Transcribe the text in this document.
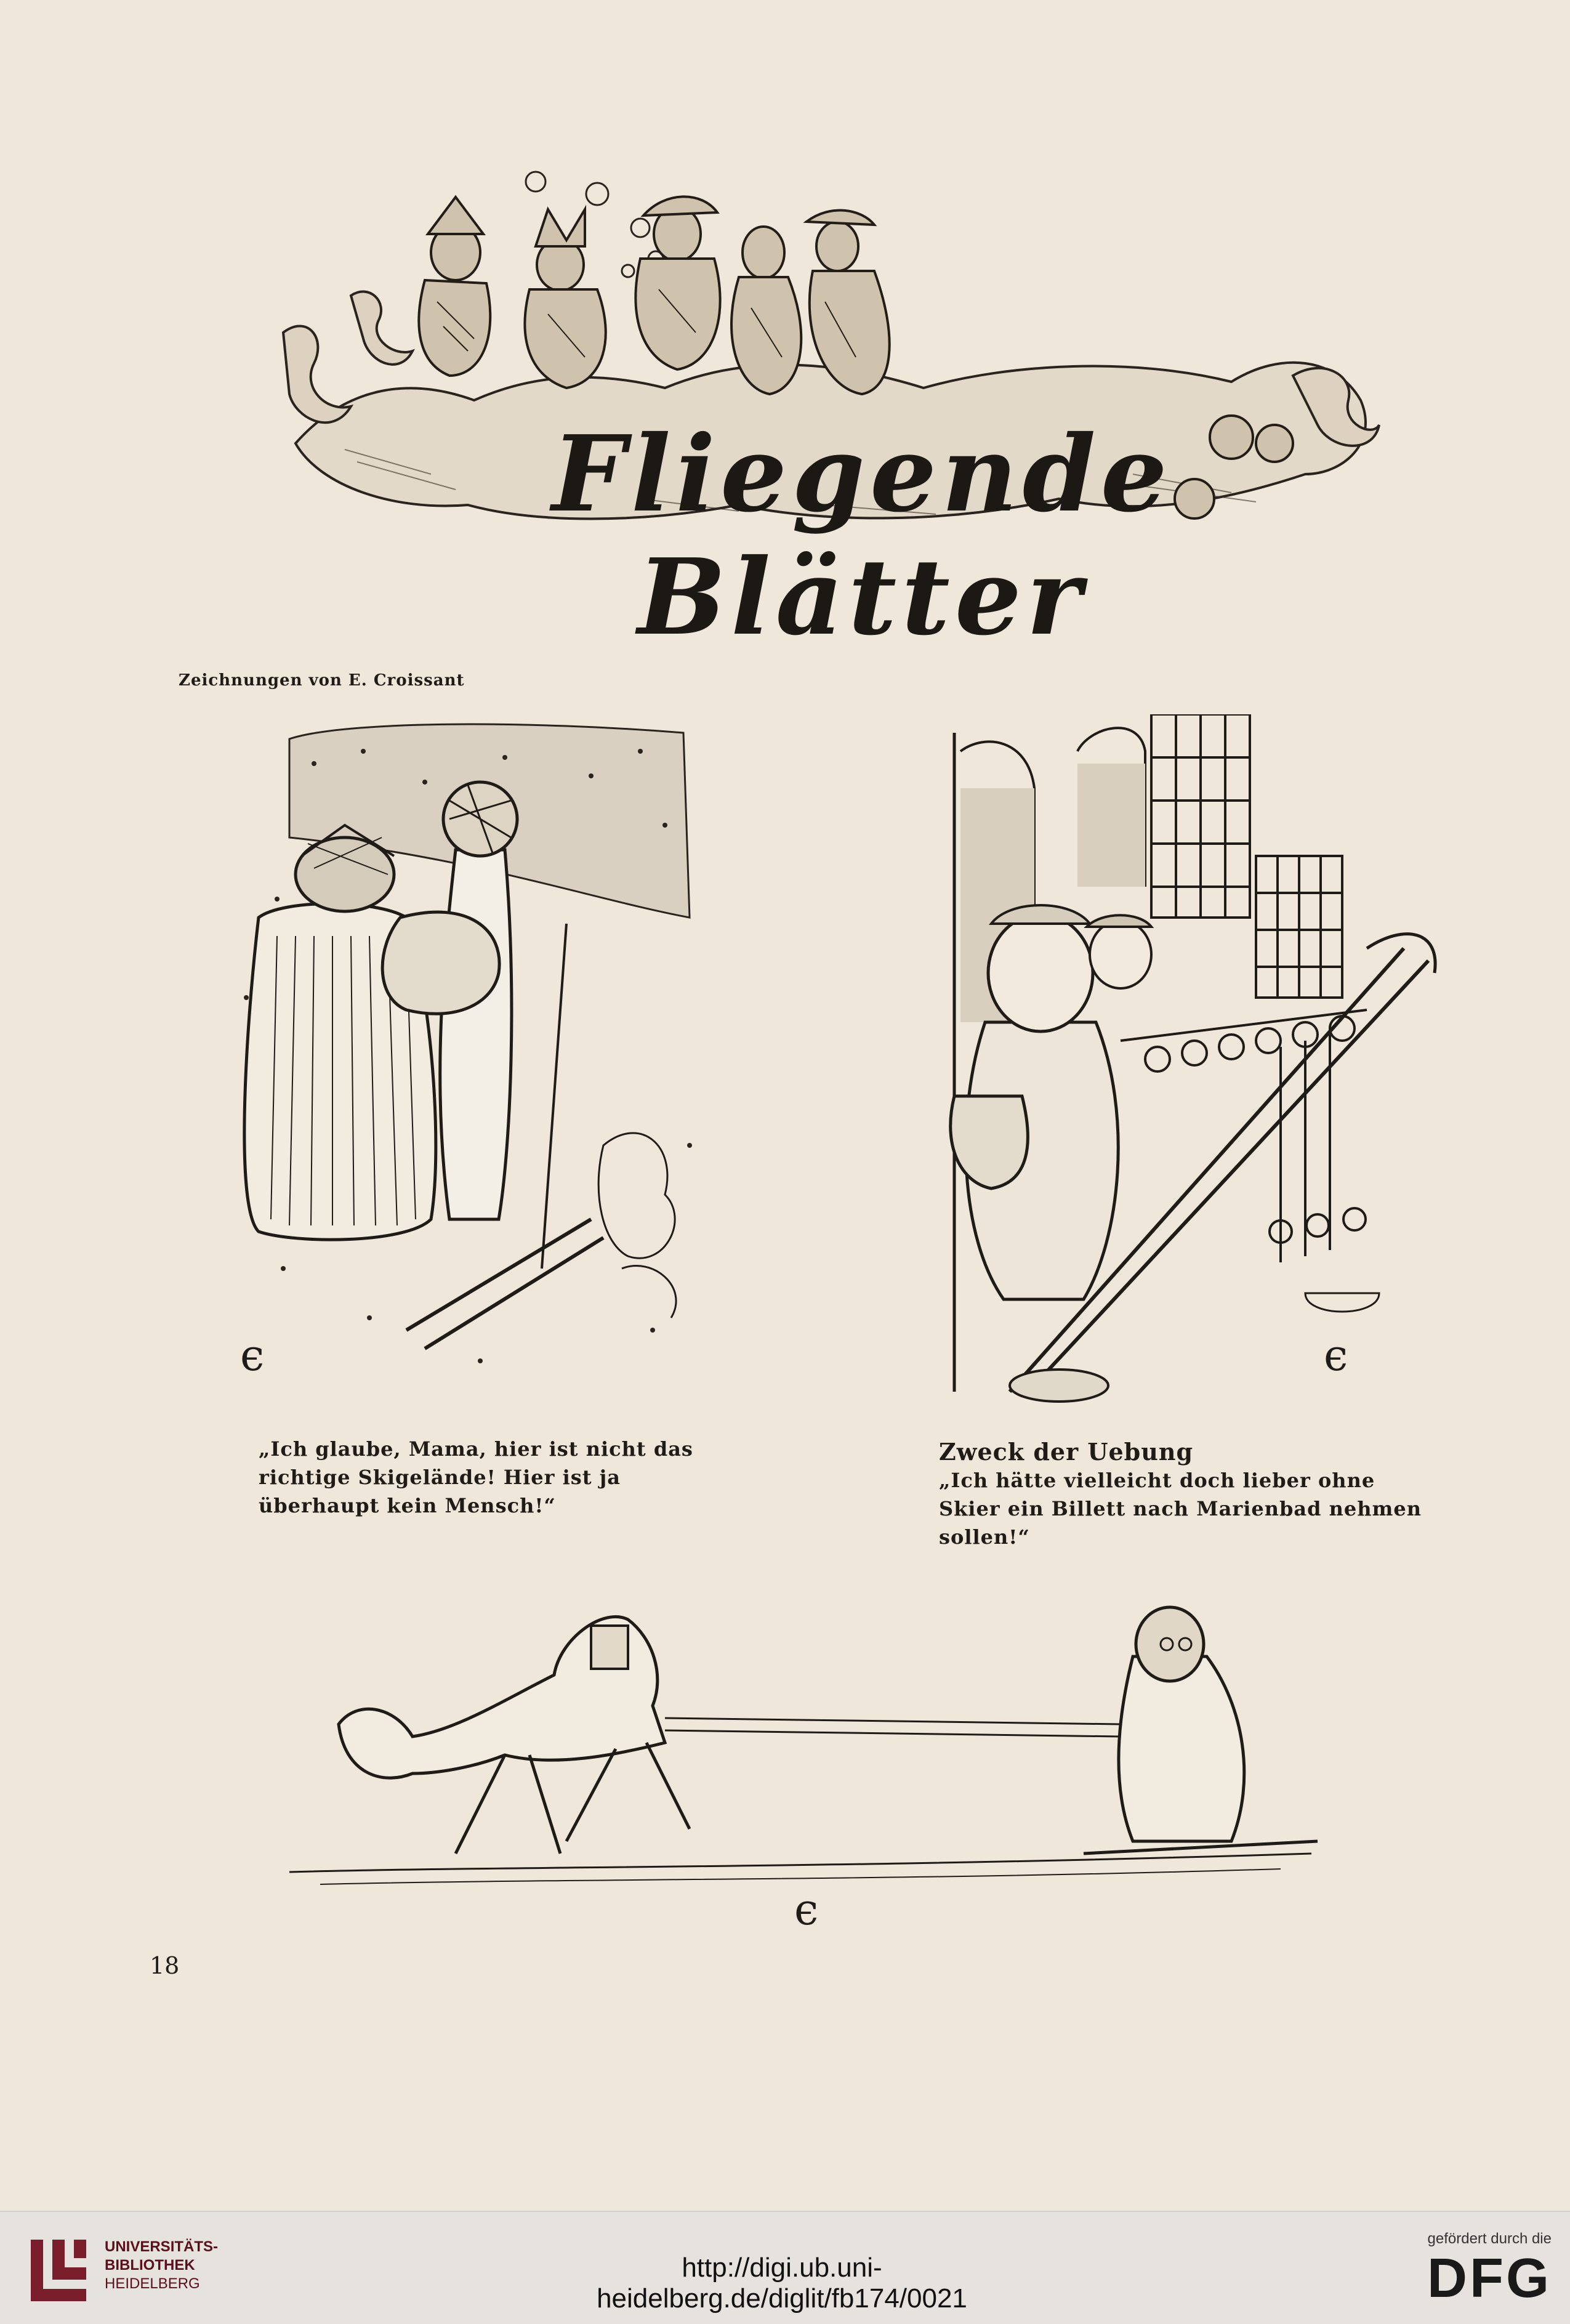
Fliegende Blätter
Zeichnungen von E. Croissant
ϵ
„Ich glaube, Mama, hier ist nicht das richtige Skigelände! Hier ist ja überhaupt kein Mensch!“
ϵ
Zweck der Uebung
„Ich hätte vielleicht doch lieber ohne Skier ein Billett nach Marienbad nehmen sollen!“
ϵ
18
UNIVERSITÄTS-
BIBLIOTHEK
HEIDELBERG
http://digi.ub.uni-heidelberg.de/diglit/fb174/0021
gefördert durch die
DFG
